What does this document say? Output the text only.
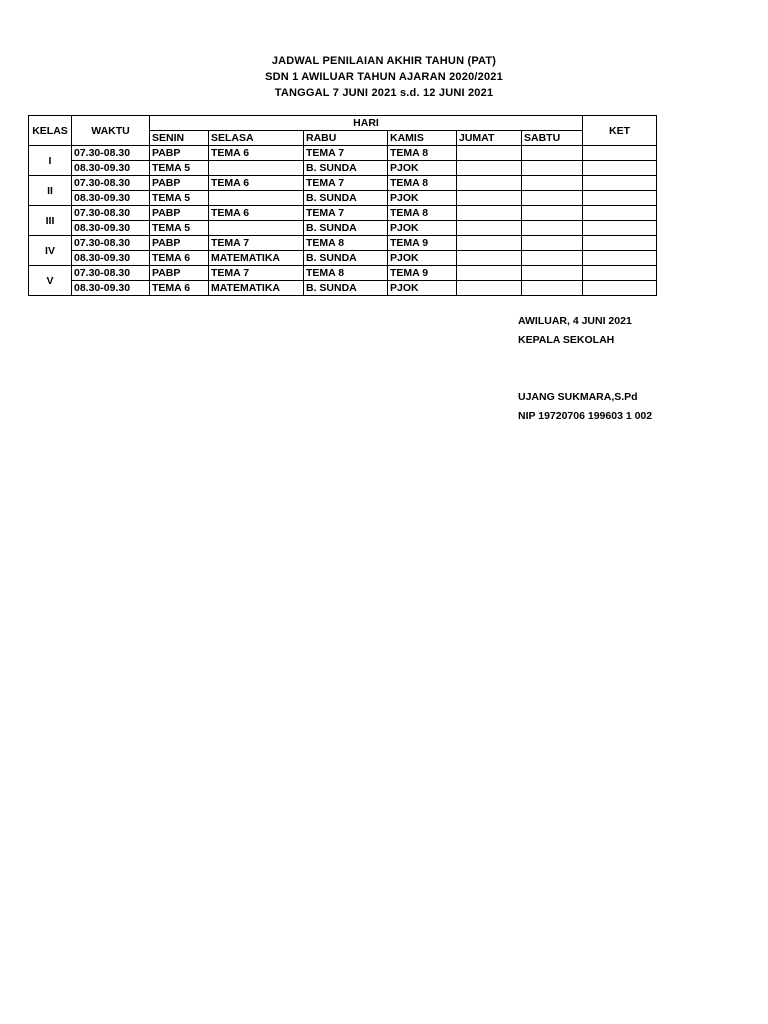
JADWAL PENILAIAN AKHIR TAHUN (PAT)
SDN 1 AWILUAR TAHUN AJARAN 2020/2021
TANGGAL 7 JUNI 2021 s.d. 12 JUNI 2021
KELAS	WAKTU	HARI						KET
		SENIN	SELASA	RABU	KAMIS	JUMAT	SABTU	
I	07.30-08.30	PABP	TEMA 6	TEMA 7	TEMA 8			
	08.30-09.30	TEMA 5		B. SUNDA	PJOK			
II	07.30-08.30	PABP	TEMA 6	TEMA 7	TEMA 8			
	08.30-09.30	TEMA 5		B. SUNDA	PJOK			
III	07.30-08.30	PABP	TEMA 6	TEMA 7	TEMA 8			
	08.30-09.30	TEMA 5		B. SUNDA	PJOK			
IV	07.30-08.30	PABP	TEMA 7	TEMA 8	TEMA 9			
	08.30-09.30	TEMA 6	MATEMATIKA	B. SUNDA	PJOK			
V	07.30-08.30	PABP	TEMA 7	TEMA 8	TEMA 9			
	08.30-09.30	TEMA 6	MATEMATIKA	B. SUNDA	PJOK			
AWILUAR, 4 JUNI 2021
KEPALA SEKOLAH
UJANG SUKMARA,S.Pd
NIP 19720706 199603 1 002
